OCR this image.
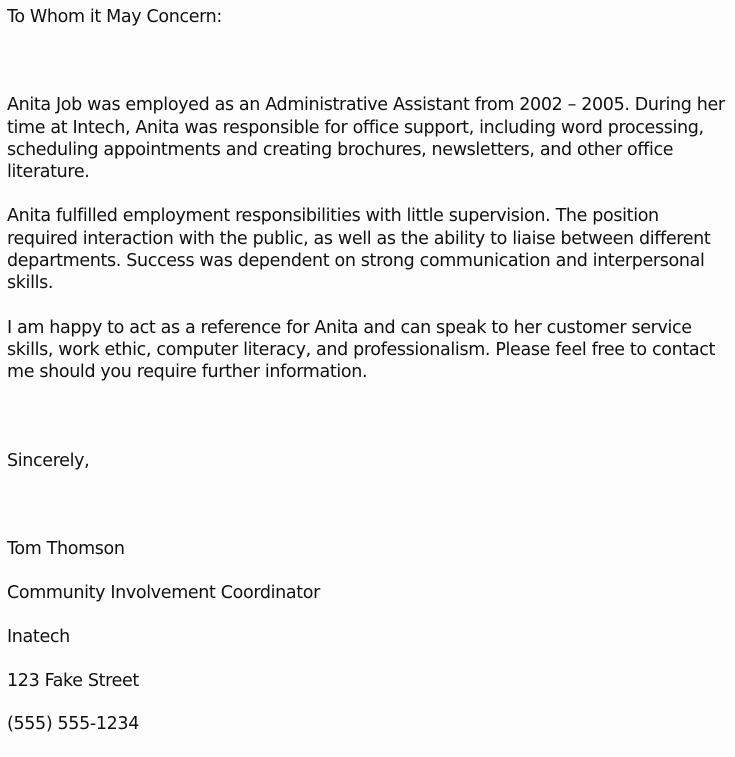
To Whom it May Concern:

Anita Job was employed as an Administrative Assistant from 2002 – 2005. During her time at Intech, Anita was responsible for office support, including word processing, scheduling appointments and creating brochures, newsletters, and other office literature.

Anita fulfilled employment responsibilities with little supervision. The position required interaction with the public, as well as the ability to liaise between different departments. Success was dependent on strong communication and interpersonal skills.

I am happy to act as a reference for Anita and can speak to her customer service skills, work ethic, computer literacy, and professionalism. Please feel free to contact me should you require further information.

Sincerely,

Tom Thomson

Community Involvement Coordinator

Inatech

123 Fake Street

(555) 555-1234
